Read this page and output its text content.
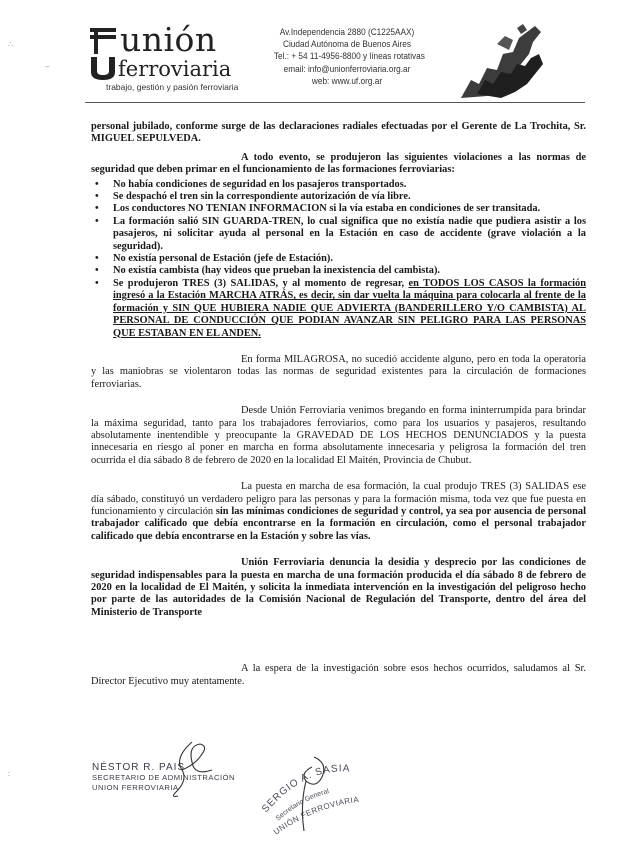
unión
ferroviaria
trabajo, gestión y pasión ferroviaria
Av.Independencia 2880 (C1225AAX)
Ciudad Autónoma de Buenos Aires
Tel.: + 54 11-4956-8800 y líneas rotativas
email: info@unionferroviaria.org.ar
web: www.uf.org.ar
∴
–
∶

personal jubilado, conforme surge de las declaraciones radiales efectuadas por el Gerente de La Trochita, Sr. MIGUEL SEPULVEDA.

A todo evento, se produjeron las siguientes violaciones a las normas de seguridad que deben primar en el funcionamiento de las formaciones ferroviarias:

• No había condiciones de seguridad en los pasajeros transportados.
• Se despachó el tren sin la correspondiente autorización de vía libre.
• Los conductores NO TENIAN INFORMACION si la vía estaba en condiciones de ser transitada.
• La formación salió SIN GUARDA-TREN, lo cual significa que no existía nadie que pudiera asistir a los pasajeros, ni solicitar ayuda al personal en la Estación en caso de accidente (grave violación a la seguridad).
• No existía personal de Estación (jefe de Estación).
• No existía cambista (hay videos que prueban la inexistencia del cambista).
• Se produjeron TRES (3) SALIDAS, y al momento de regresar, en TODOS LOS CASOS la formación ingresó a la Estación MARCHA ATRÁS, es decir, sin dar vuelta la máquina para colocarla al frente de la formación y SIN QUE HUBIERA NADIE QUE ADVIERTA (BANDERILLERO Y/O CAMBISTA) AL PERSONAL DE CONDUCCIÓN QUE PODIAN AVANZAR SIN PELIGRO PARA LAS PERSONAS QUE ESTABAN EN EL ANDEN.

En forma MILAGROSA, no sucedió accidente alguno, pero en toda la operatoria y las maniobras se violentaron todas las normas de seguridad existentes para la circulación de formaciones ferroviarias.

Desde Unión Ferroviaria venimos bregando en forma ininterrumpida para brindar la máxima seguridad, tanto para los trabajadores ferroviarios, como para los usuarios y pasajeros, resultando absolutamente inentendible y preocupante la GRAVEDAD DE LOS HECHOS DENUNCIADOS y la puesta innecesaria en riesgo al poner en marcha en forma absolutamente innecesaria y peligrosa la formación del tren ocurrida el día sábado 8 de febrero de 2020 en la localidad El Maitén, Provincia de Chubut.

La puesta en marcha de esa formación, la cual produjo TRES (3) SALIDAS ese día sábado, constituyó un verdadero peligro para las personas y para la formación misma, toda vez que fue puesta en funcionamiento y circulación sin las mínimas condiciones de seguridad y control, ya sea por ausencia de personal trabajador calificado que debía encontrarse en la formación en circulación, como el personal trabajador calificado que debía encontrarse en la Estación y sobre las vías.

Unión Ferroviaria denuncia la desidia y desprecio por las condiciones de seguridad indispensables para la puesta en marcha de una formación producida el día sábado 8 de febrero de 2020 en la localidad de El Maitén, y solicita la inmediata intervención en la investigación del peligroso hecho por parte de las autoridades de la Comisión Nacional de Regulación del Transporte, dentro del área del Ministerio de Transporte

A la espera de la investigación sobre esos hechos ocurridos, saludamos al Sr. Director Ejecutivo muy atentamente.

NÉSTOR R. PAIS
SECRETARIO DE ADMINISTRACIÓN
UNION FERROVIARIA
SERGIO A. SASIA
Secretario General
UNIÓN FERROVIARIA
